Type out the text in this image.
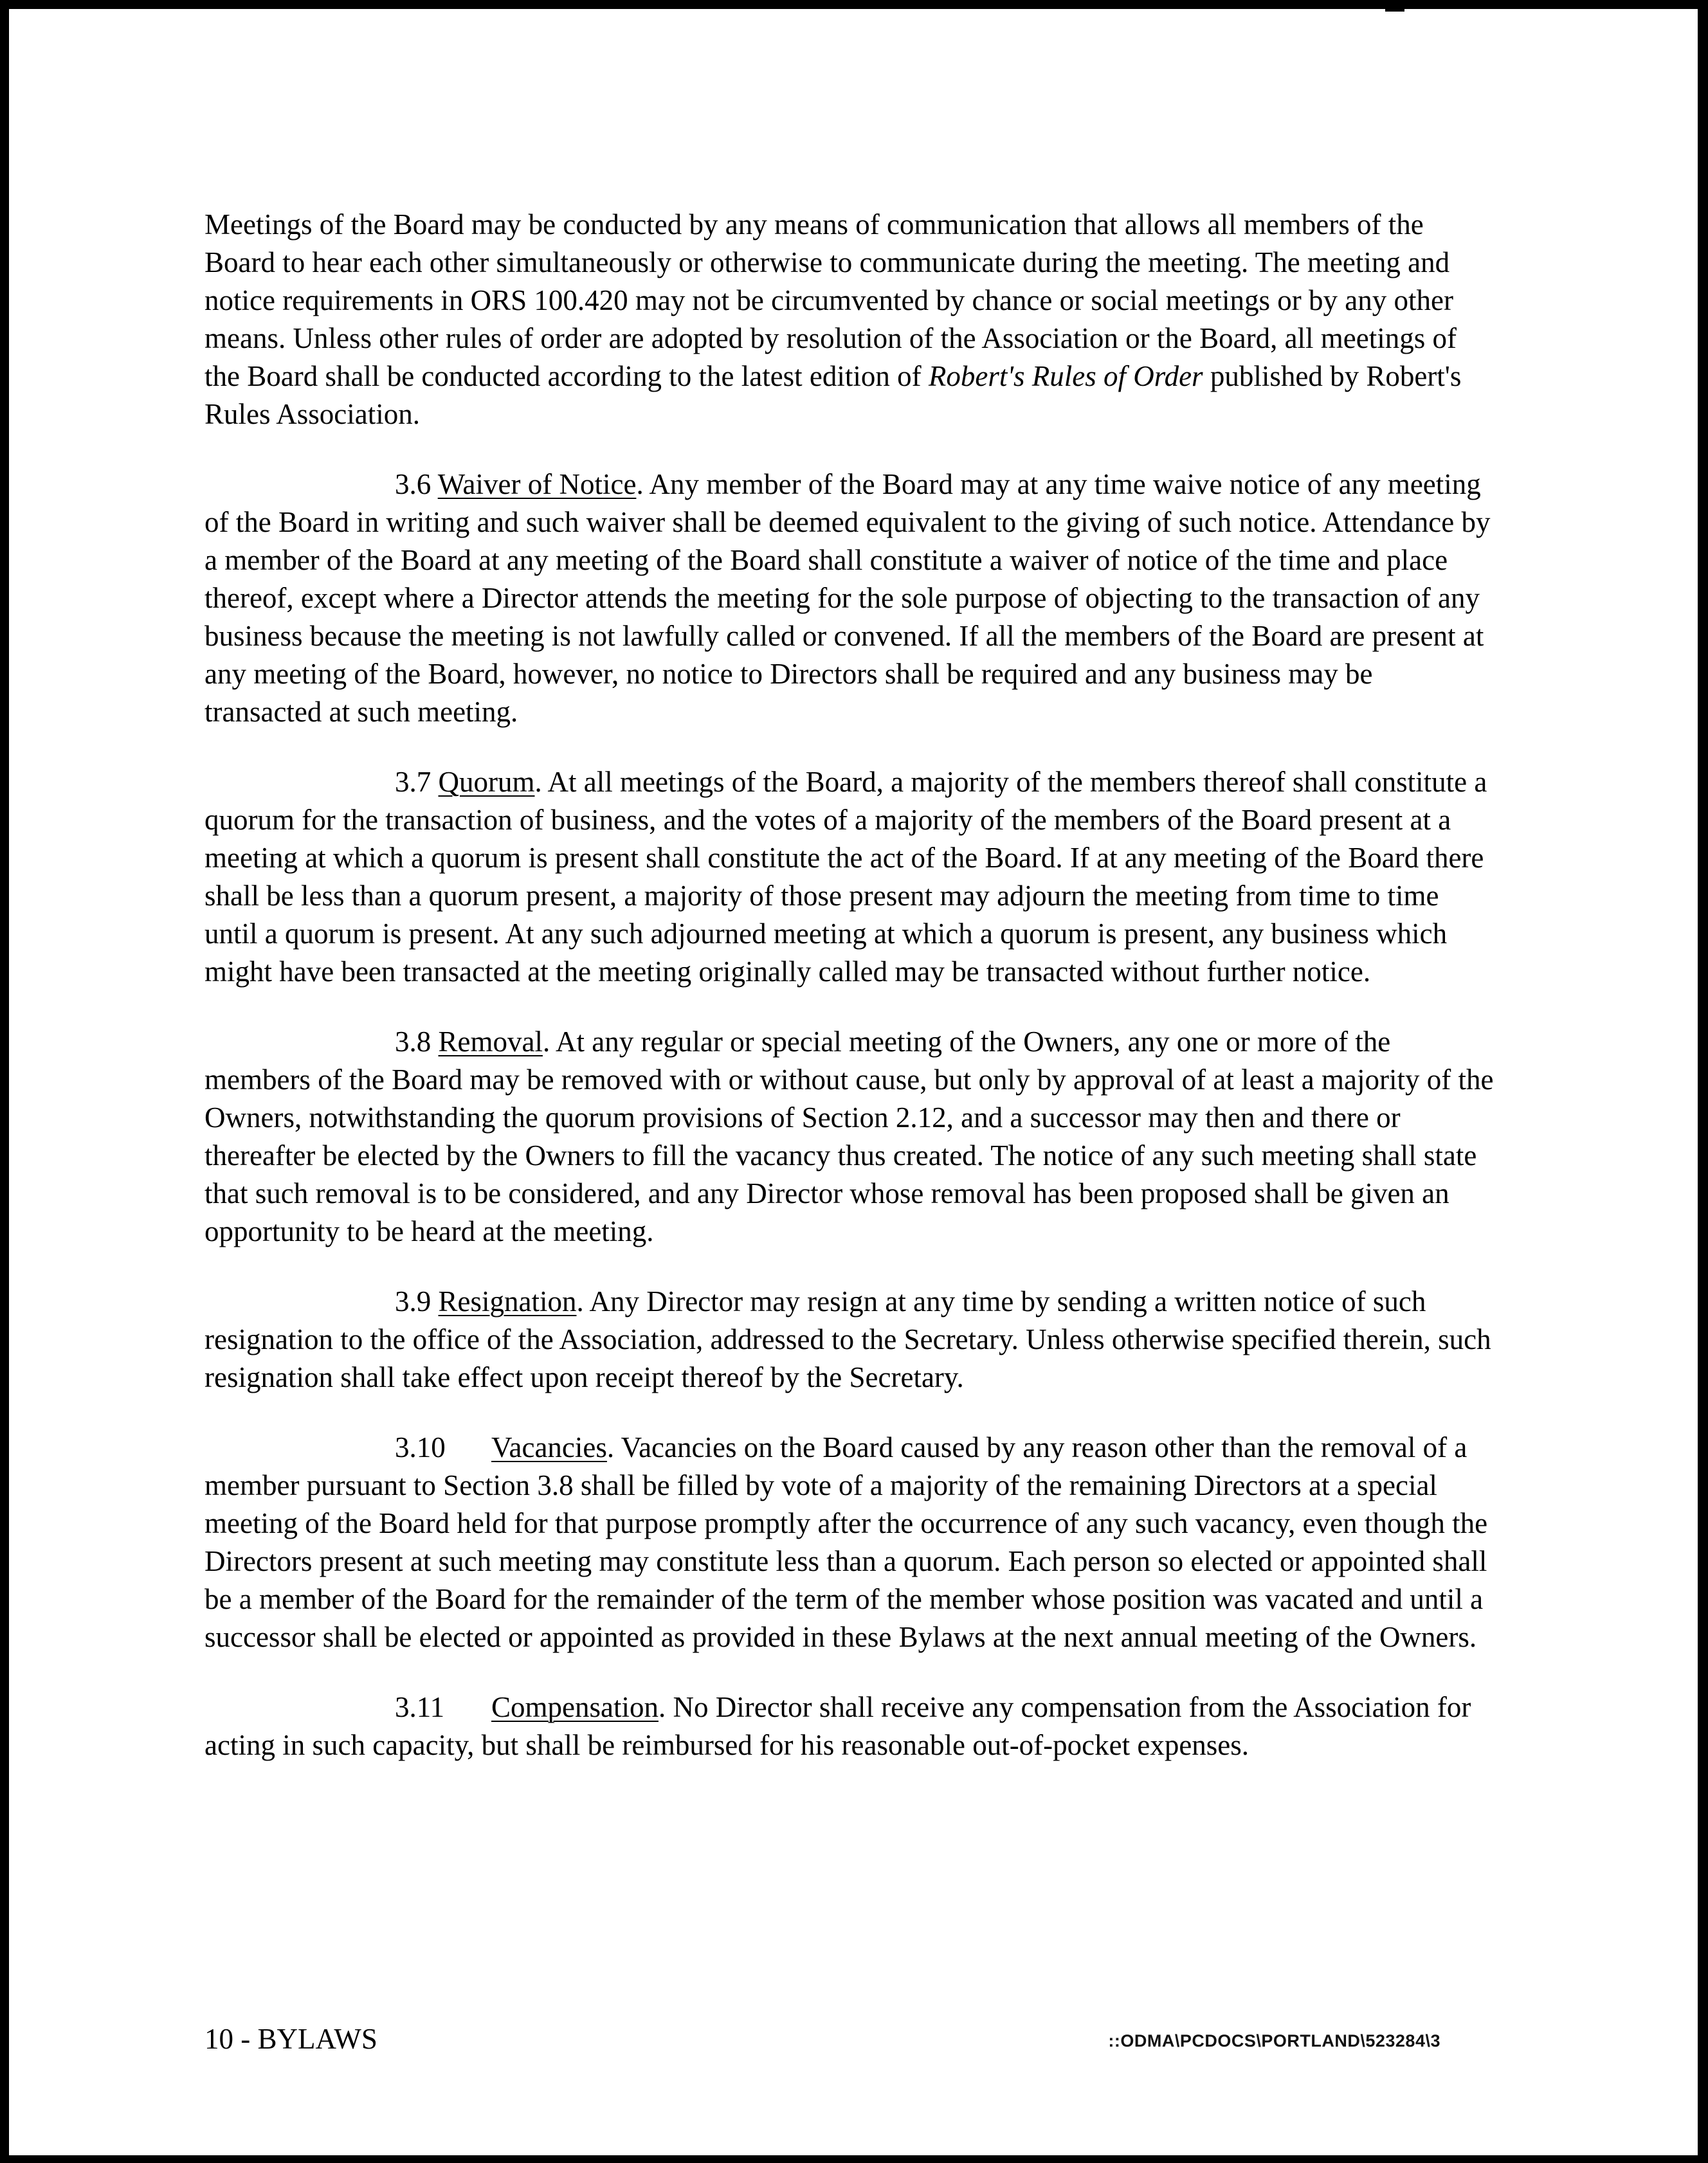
Meetings of the Board may be conducted by any means of communication that allows all members of the Board to hear each other simultaneously or otherwise to communicate during the meeting. The meeting and notice requirements in ORS 100.420 may not be circumvented by chance or social meetings or by any other means. Unless other rules of order are adopted by resolution of the Association or the Board, all meetings of the Board shall be conducted according to the latest edition of Robert's Rules of Order published by Robert's Rules Association.

3.6 Waiver of Notice. Any member of the Board may at any time waive notice of any meeting of the Board in writing and such waiver shall be deemed equivalent to the giving of such notice. Attendance by a member of the Board at any meeting of the Board shall constitute a waiver of notice of the time and place thereof, except where a Director attends the meeting for the sole purpose of objecting to the transaction of any business because the meeting is not lawfully called or convened. If all the members of the Board are present at any meeting of the Board, however, no notice to Directors shall be required and any business may be transacted at such meeting.

3.7 Quorum. At all meetings of the Board, a majority of the members thereof shall constitute a quorum for the transaction of business, and the votes of a majority of the members of the Board present at a meeting at which a quorum is present shall constitute the act of the Board. If at any meeting of the Board there shall be less than a quorum present, a majority of those present may adjourn the meeting from time to time until a quorum is present. At any such adjourned meeting at which a quorum is present, any business which might have been transacted at the meeting originally called may be transacted without further notice.

3.8 Removal. At any regular or special meeting of the Owners, any one or more of the members of the Board may be removed with or without cause, but only by approval of at least a majority of the Owners, notwithstanding the quorum provisions of Section 2.12, and a successor may then and there or thereafter be elected by the Owners to fill the vacancy thus created. The notice of any such meeting shall state that such removal is to be considered, and any Director whose removal has been proposed shall be given an opportunity to be heard at the meeting.

3.9 Resignation. Any Director may resign at any time by sending a written notice of such resignation to the office of the Association, addressed to the Secretary. Unless otherwise specified therein, such resignation shall take effect upon receipt thereof by the Secretary.

3.10 Vacancies. Vacancies on the Board caused by any reason other than the removal of a member pursuant to Section 3.8 shall be filled by vote of a majority of the remaining Directors at a special meeting of the Board held for that purpose promptly after the occurrence of any such vacancy, even though the Directors present at such meeting may constitute less than a quorum. Each person so elected or appointed shall be a member of the Board for the remainder of the term of the member whose position was vacated and until a successor shall be elected or appointed as provided in these Bylaws at the next annual meeting of the Owners.

3.11 Compensation. No Director shall receive any compensation from the Association for acting in such capacity, but shall be reimbursed for his reasonable out-of-pocket expenses.

10 - BYLAWS	::ODMA\PCDOCS\PORTLAND\523284\3
